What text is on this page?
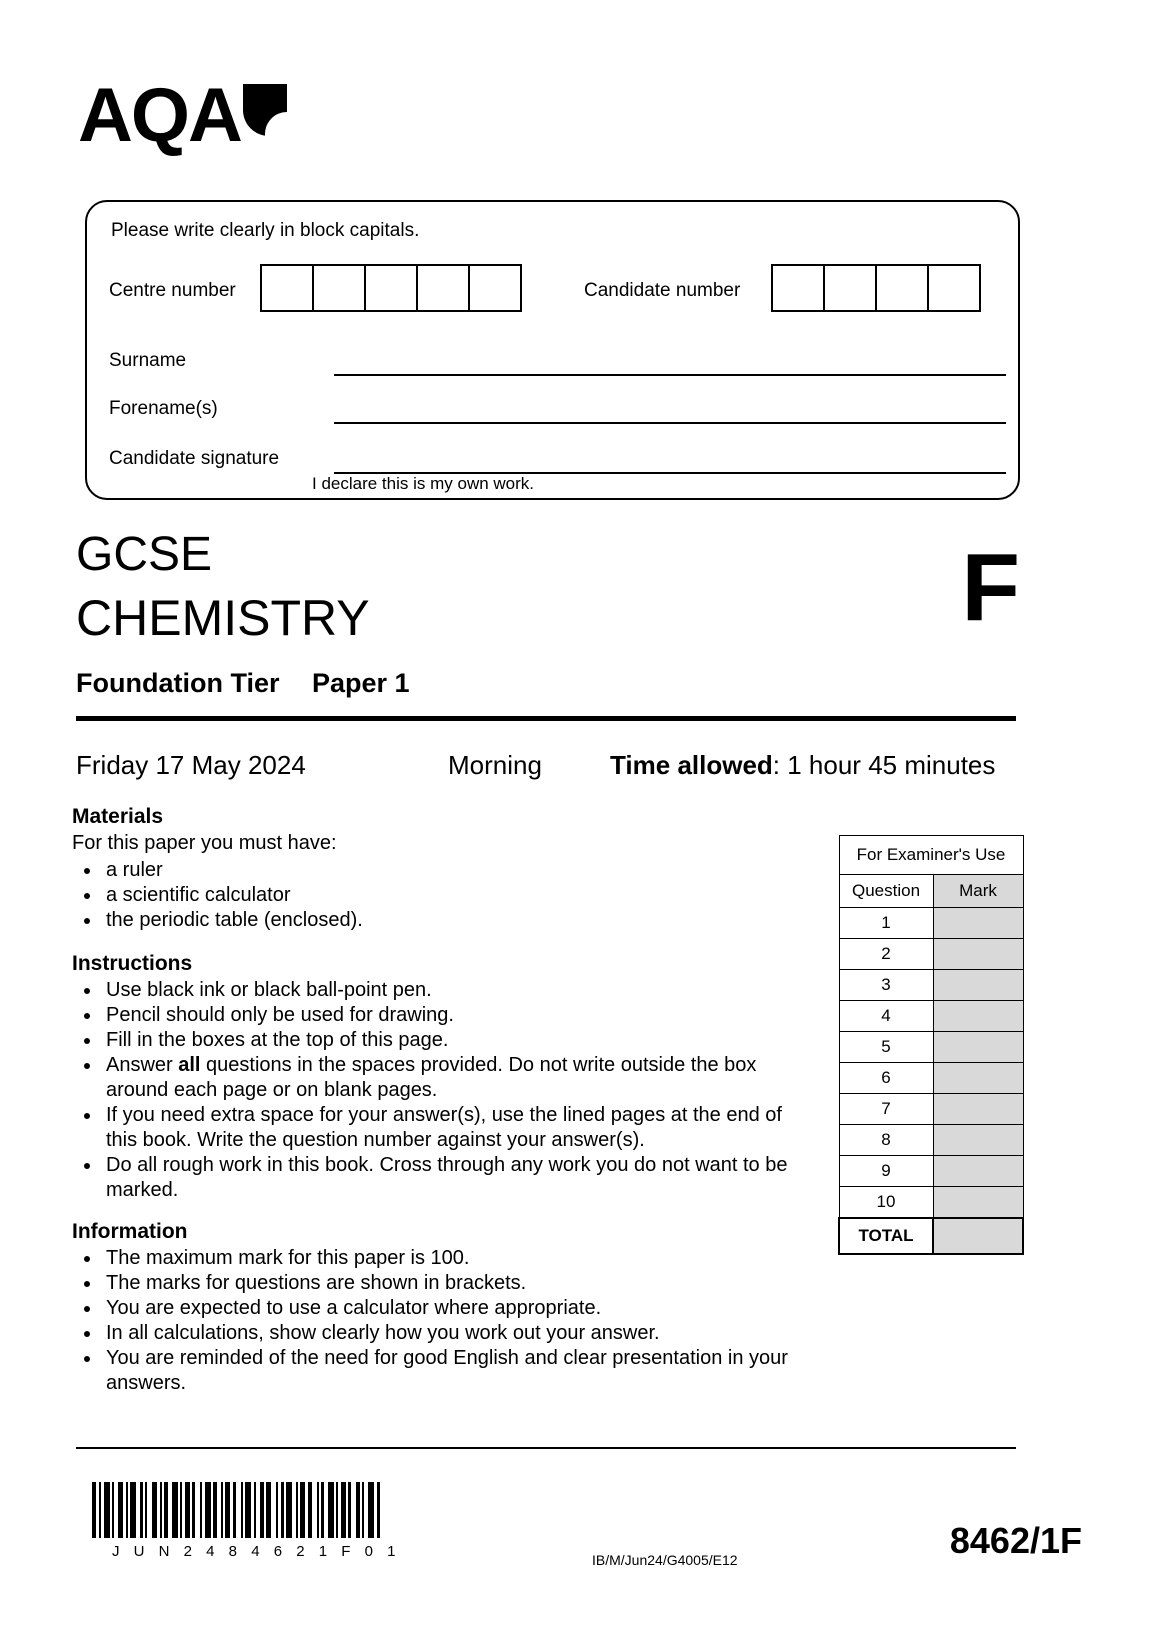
AQA
Please write clearly in block capitals.
Centre number	Candidate number
Surname
Forename(s)
Candidate signature
I declare this is my own work.
GCSE
CHEMISTRY
Foundation Tier Paper 1
F
Friday 17 May 2024	Morning	Time allowed: 1 hour 45 minutes
Materials

For this paper you must have:

• a ruler
• a scientific calculator
• the periodic table (enclosed).
Instructions
• Use black ink or black ball-point pen.
• Pencil should only be used for drawing.
• Fill in the boxes at the top of this page.
• Answer all questions in the spaces provided. Do not write outside the box around each page or on blank pages.
• If you need extra space for your answer(s), use the lined pages at the end of this book. Write the question number against your answer(s).
• Do all rough work in this book. Cross through any work you do not want to be marked.
Information
• The maximum mark for this paper is 100.
• The marks for questions are shown in brackets.
• You are expected to use a calculator where appropriate.
• In all calculations, show clearly how you work out your answer.
• You are reminded of the need for good English and clear presentation in your answers.
For Examiner's Use	
Question	Mark
1	
2	
3	
4	
5	
6	
7	
8	
9	
10	
TOTAL	
J U N 2 4 8 4 6 2 1 F 0 1	IB/M/Jun24/G4005/E12	8462/1F
